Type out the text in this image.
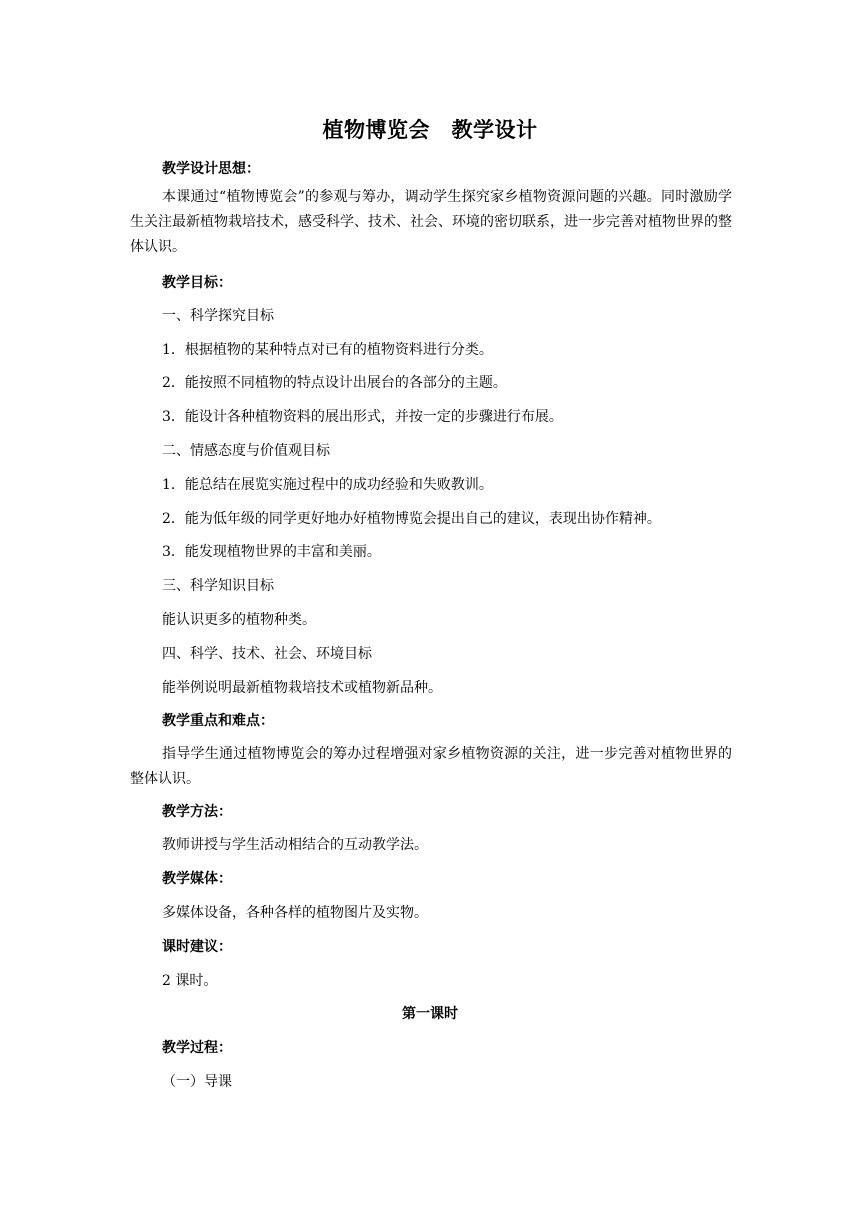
植物博览会　教学设计
教学设计思想：
本课通过“植物博览会”的参观与筹办，调动学生探究家乡植物资源问题的兴趣。同时激励学生关注最新植物栽培技术，感受科学、技术、社会、环境的密切联系，进一步完善对植物世界的整体认识。
教学目标：
一、科学探究目标
1．根据植物的某种特点对已有的植物资料进行分类。
2．能按照不同植物的特点设计出展台的各部分的主题。
3．能设计各种植物资料的展出形式，并按一定的步骤进行布展。
二、情感态度与价值观目标
1．能总结在展览实施过程中的成功经验和失败教训。
2．能为低年级的同学更好地办好植物博览会提出自己的建议，表现出协作精神。
3．能发现植物世界的丰富和美丽。
三、科学知识目标
能认识更多的植物种类。
四、科学、技术、社会、环境目标
能举例说明最新植物栽培技术或植物新品种。
教学重点和难点：
指导学生通过植物博览会的筹办过程增强对家乡植物资源的关注，进一步完善对植物世界的整体认识。
教学方法：
教师讲授与学生活动相结合的互动教学法。
教学媒体：
多媒体设备，各种各样的植物图片及实物。
课时建议：
2 课时。
第一课时
教学过程：
（一）导课
